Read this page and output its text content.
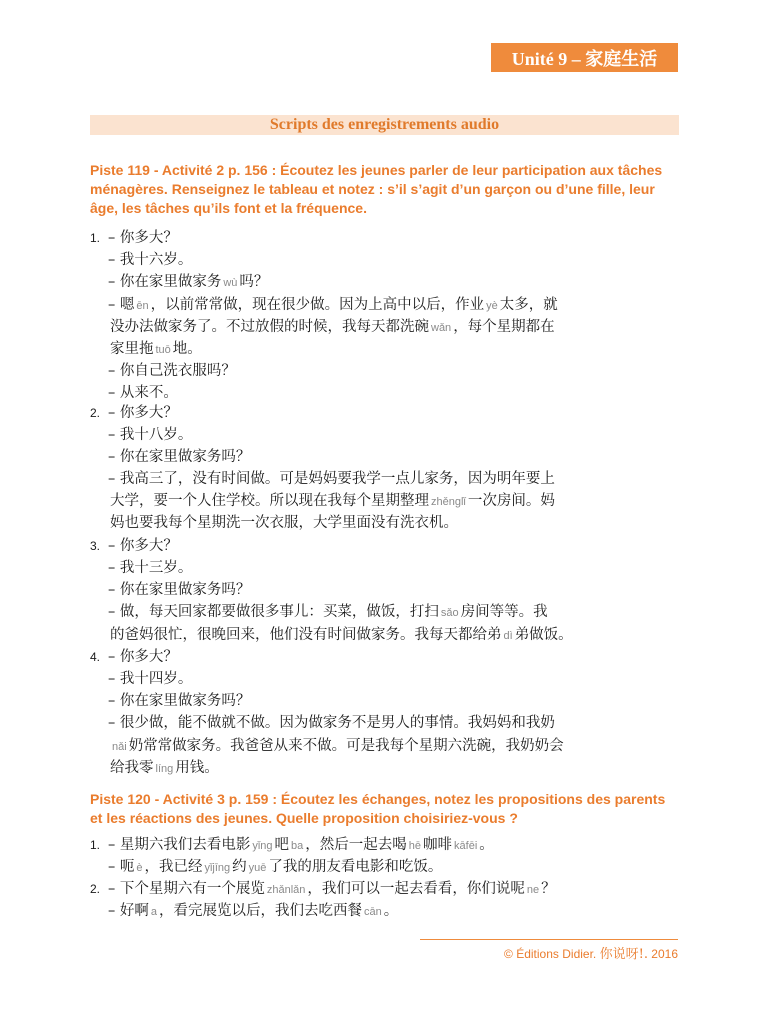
Unité 9 – 家庭生活
Scripts des enregistrements audio
Piste 119 - Activité 2 p. 156 : Écoutez les jeunes parler de leur participation aux tâches
ménagères. Renseignez le tableau et notez : s’il s’agit d’un garçon ou d’une fille, leur
âge, les tâches qu’ils font et la fréquence.
1.
2.
3.
4.
1.
2.
Piste 120 - Activité 3 p. 159 : Écoutez les échanges, notez les propositions des parents
et les réactions des jeunes. Quelle proposition choisiriez-vous ?
– 你多大？
– 我十六岁。
– 你在家里做家务 wù 吗？
– 嗯 ēn ，以前常常做，现在很少做。因为上高中以后，作业 yè 太多，就
没办法做家务了。不过放假的时候，我每天都洗碗 wǎn ，每个星期都在
家里拖 tuō 地。
– 你自己洗衣服吗？
– 从来不。
– 你多大？
– 我十八岁。
– 你在家里做家务吗？
– 我高三了，没有时间做。可是妈妈要我学一点儿家务，因为明年要上
大学，要一个人住学校。所以现在我每个星期整理 zhěnglǐ 一次房间。妈
妈也要我每个星期洗一次衣服，大学里面没有洗衣机。
– 你多大？
– 我十三岁。
– 你在家里做家务吗？
– 做，每天回家都要做很多事儿：买菜，做饭，打扫 sǎo 房间等等。我
的爸妈很忙，很晚回来，他们没有时间做家务。我每天都给弟 dì 弟做饭。
– 你多大？
– 我十四岁。
– 你在家里做家务吗？
– 很少做，能不做就不做。因为做家务不是男人的事情。我妈妈和我奶
nǎi 奶常常做家务。我爸爸从来不做。可是我每个星期六洗碗，我奶奶会
给我零 líng 用钱。
– 星期六我们去看电影 yǐng 吧 ba ，然后一起去喝 hē 咖啡 kāfēi 。
– 呃 è ，我已经 yǐjīng 约 yuē 了我的朋友看电影和吃饭。
– 下个星期六有一个展览 zhǎnlǎn ，我们可以一起去看看，你们说呢 ne ？
– 好啊 a ，看完展览以后，我们去吃西餐 cān 。
© Éditions Didier. 你说呀!. 2016
